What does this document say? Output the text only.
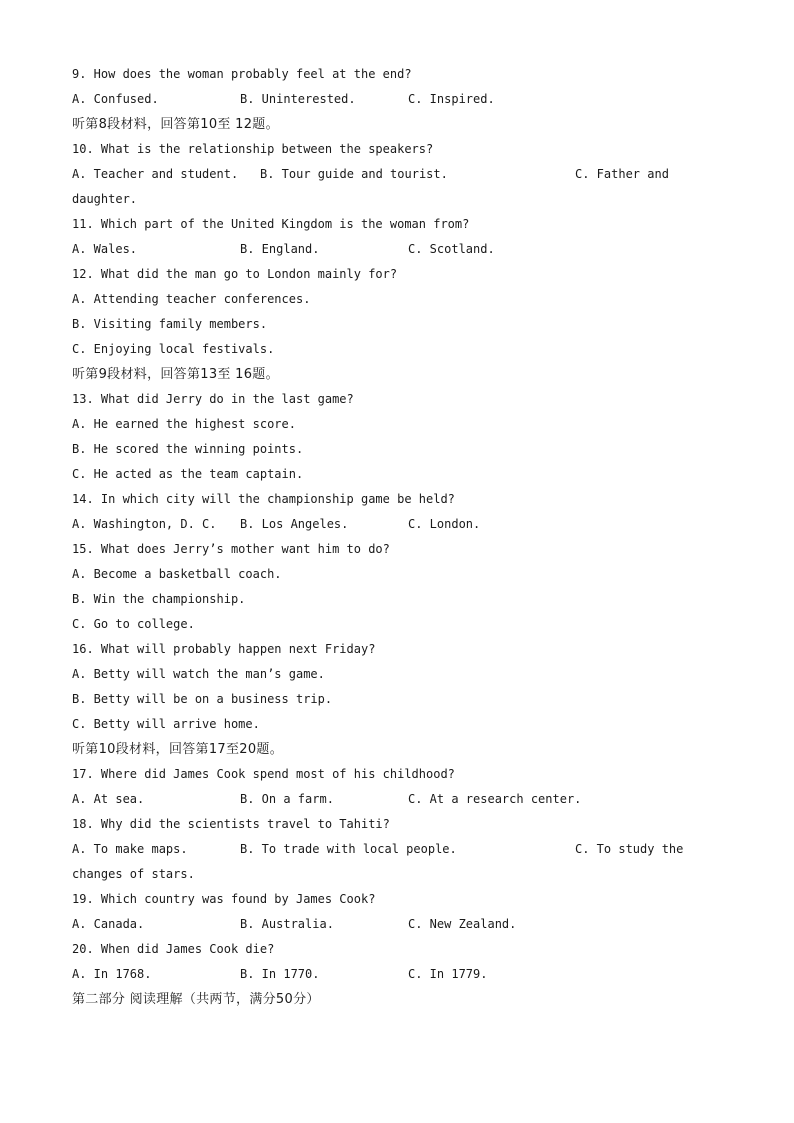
9. How does the woman probably feel at the end?

A. Confused.

	B. Uninterested.

	C. Inspired.

听第8段材料，回答第10至 12题。
10. What is the relationship between the speakers?

A. Teacher and student.

B. Tour guide and tourist.

	C. Father and

daughter.
11. Which part of the United Kingdom is the woman from?

A. Wales.

	B. England.

	C. Scotland.

12. What did the man go to London mainly for?
A. Attending teacher conferences.
B. Visiting family members.
C. Enjoying local festivals.
听第9段材料，回答第13至 16题。
13. What did Jerry do in the last game?
A. He earned the highest score.
B. He scored the winning points.
C. He acted as the team captain.
14. In which city will the championship game be held?

A. Washington, D. C.

B. Los Angeles.

	C. London.

15. What does Jerry’s mother want him to do?
A. Become a basketball coach.
B. Win the championship.
C. Go to college.
16. What will probably happen next Friday?
A. Betty will watch the man’s game.
B. Betty will be on a business trip.
C. Betty will arrive home.
听第10段材料，回答第17至20题。
17. Where did James Cook spend most of his childhood?

A. At sea.

	B. On a farm.

	C. At a research center.

18. Why did the scientists travel to Tahiti?

A. To make maps.

	B. To trade with local people.

	C. To study the

changes of stars.
19. Which country was found by James Cook?

A. Canada.

	B. Australia.

	C. New Zealand.

20. When did James Cook die?

A. In 1768.

	B. In 1770.

	C. In 1779.

第二部分 阅读理解（共两节，满分50分）
